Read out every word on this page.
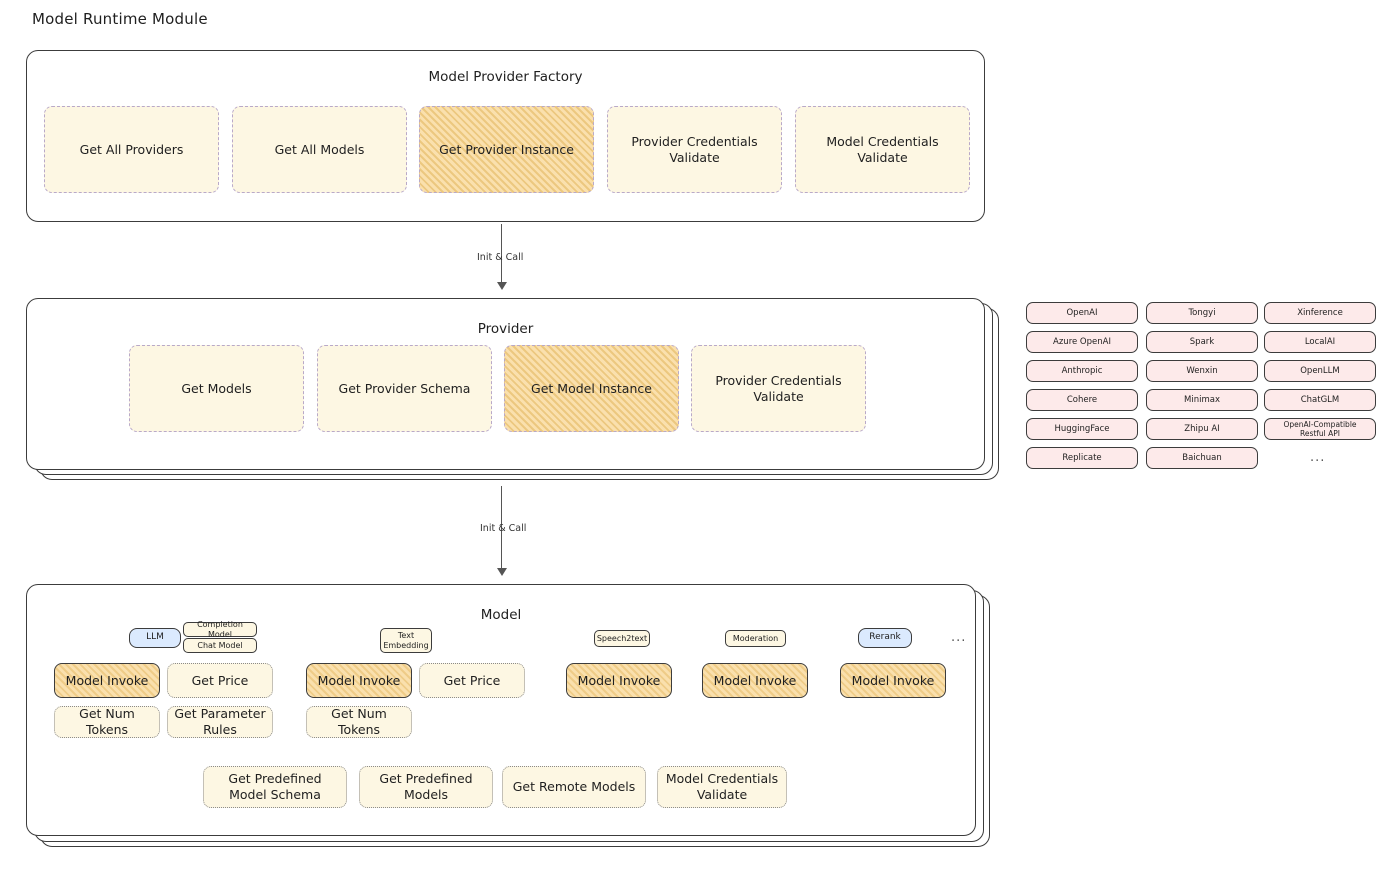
Model Runtime Module
Model Provider Factory
Get All Providers	Get All Models	Get Provider Instance
Provider Credentials Validate
Model Credentials Validate
Init & Call
Provider
Get Models	Get Provider Schema	Get Model Instance
Provider Credentials Validate
OpenAI
Azure OpenAI
Anthropic
Cohere
HuggingFace
Replicate
Tongyi
Spark
Wenxin
Minimax
Zhipu AI
Baichuan
Xinference
LocalAI
OpenLLM
ChatGLM
OpenAI-Compatible Restful API
...
Init & Call
Model
LLM
Completion Model
Chat Model
Text Embedding
Speech2text	Moderation	Rerank	...
Model Invoke	Get Price	Model Invoke	Get Price	Model Invoke	Model Invoke	Model Invoke
Get Num Tokens
Get Parameter Rules
Get Num Tokens
Get Predefined Model Schema
Get Predefined Models
Get Remote Models
Model Credentials Validate
